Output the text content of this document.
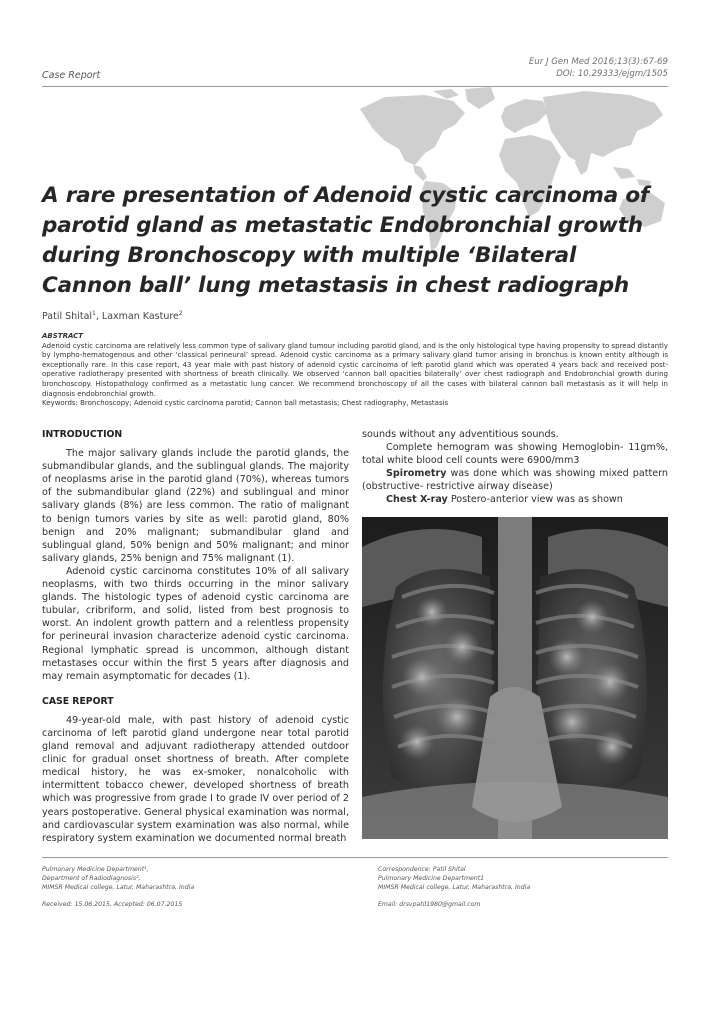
Eur J Gen Med 2016;13(3):67-69
DOI: 10.29333/ejgm/1505
Case Report
A rare presentation of Adenoid cystic carcinoma of parotid gland as metastatic Endobronchial growth during Bronchoscopy with multiple ‘Bilateral Cannon ball’ lung metastasis in chest radiograph
Patil Shital$^1$, Laxman Kasture$^2$
ABSTRACT
Adenoid cystic carcinoma are relatively less common type of salivary gland tumour including parotid gland, and is the only histological type having propensity to spread distantly by lympho-hematogenous and other ‘classical perineural’ spread. Adenoid cystic carcinoma as a primary salivary gland tumor arising in bronchus is known entity although is exceptionally rare. In this case report, 43 year male with past history of adenoid cystic carcinoma of left parotid gland which was operated 4 years back and received post-operative radiotherapy presented with shortness of breath clinically. We observed ‘cannon ball opacities bilaterally’ over chest radiograph and Endobronchial growth during bronchoscopy. Histopathology confirmed as a metastatic lung cancer. We recommend bronchoscopy of all the cases with bilateral cannon ball metastasis as it will help in diagnosis endobronchial growth.
Keywords: Bronchoscopy; Adenoid cystic carcinoma parotid; Cannon ball metastasis; Chest radiography, Metastasis
INTRODUCTION

The major salivary glands include the parotid glands, the submandibular glands, and the sublingual glands. The majority of neoplasms arise in the parotid gland (70%), whereas tumors of the submandibular gland (22%) and sublingual and minor salivary glands (8%) are less common. The ratio of malignant to benign tumors varies by site as well: parotid gland, 80% benign and 20% malignant; submandibular gland and sublingual gland, 50% benign and 50% malignant; and minor salivary glands, 25% benign and 75% malignant (1).

Adenoid cystic carcinoma constitutes 10% of all salivary neoplasms, with two thirds occurring in the minor salivary glands. The histologic types of adenoid cystic carcinoma are tubular, cribriform, and solid, listed from best prognosis to worst. An indolent growth pattern and a relentless propensity for perineural invasion characterize adenoid cystic carcinoma. Regional lymphatic spread is uncommon, although distant metastases occur within the first 5 years after diagnosis and may remain asymptomatic for decades (1).

CASE REPORT

49-year-old male, with past history of adenoid cystic carcinoma of left parotid gland undergone near total parotid gland removal and adjuvant radiotherapy attended outdoor clinic for gradual onset shortness of breath. After complete medical history, he was ex-smoker, nonalcoholic with intermittent tobacco chewer, developed shortness of breath which was progressive from grade I to grade IV over period of 2 years postoperative. General physical examination was normal, and cardiovascular system examination was also normal, while respiratory system examination we documented normal breath

sounds without any adventitious sounds.

Complete hemogram was showing Hemoglobin- 11gm%, total white blood cell counts were 6900/mm3

Spirometry was done which was showing mixed pattern (obstructive- restrictive airway disease)

Chest X-ray Postero-anterior view was as shown

Pulmonary Medicine Department¹,
Department of Radiodiagnosis²,
MIMSR Medical college, Latur, Maharashtra, India
Received: 15.06.2015, Accepted: 06.07.2015
Correspondence: Patil Shital
Pulmonary Medicine Department1
MIMSR Medical college, Latur, Maharashtra, India
Email: drsvpatil1980@gmail.com
